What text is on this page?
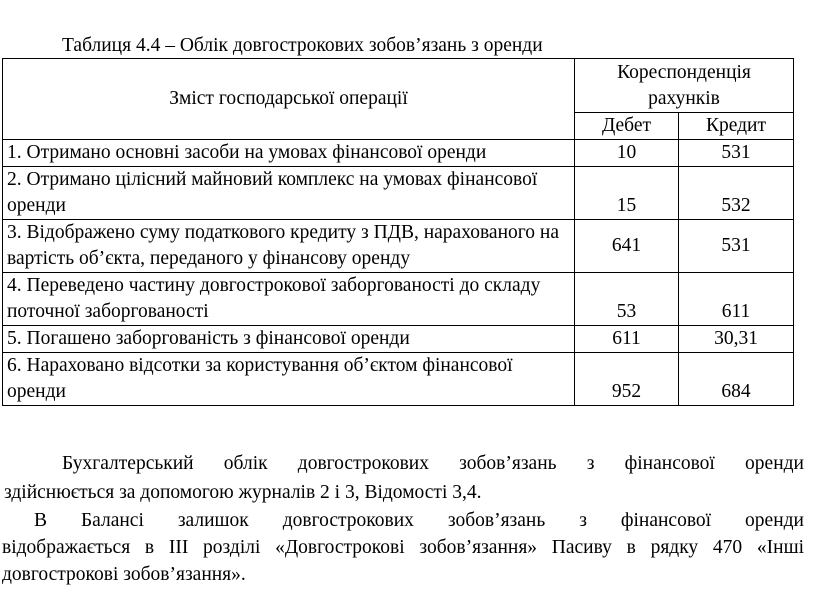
Таблиця 4.4 – Облік довгострокових зобов’язань з оренди
Зміст господарської операції	Кореспонденція рахунків	
	Дебет	Кредит
1. Отримано основні засоби на умовах фінансової оренди	10	531
2. Отримано цілісний майновий комплекс на умовах фінансової оренди	15	532
3. Відображено суму податкового кредиту з ПДВ, нарахованого на вартість об’єкта, переданого у фінансову оренду	641	531
4. Переведено частину довгострокової заборгованості до складу поточної заборгованості	53	611
5. Погашено заборгованість з фінансової оренди	611	30,31
6. Нараховано відсотки за користування об’єктом фінансової оренди	952	684
Бухгалтерський облік довгострокових зобов’язань з фінансової оренди
здійснюється за допомогою журналів 2 і 3, Відомості 3,4.
В Балансі залишок довгострокових зобов’язань з фінансової оренди
відображається в ІІІ розділі «Довгострокові зобов’язання» Пасиву в рядку 470 «Інші
довгострокові зобов’язання».
